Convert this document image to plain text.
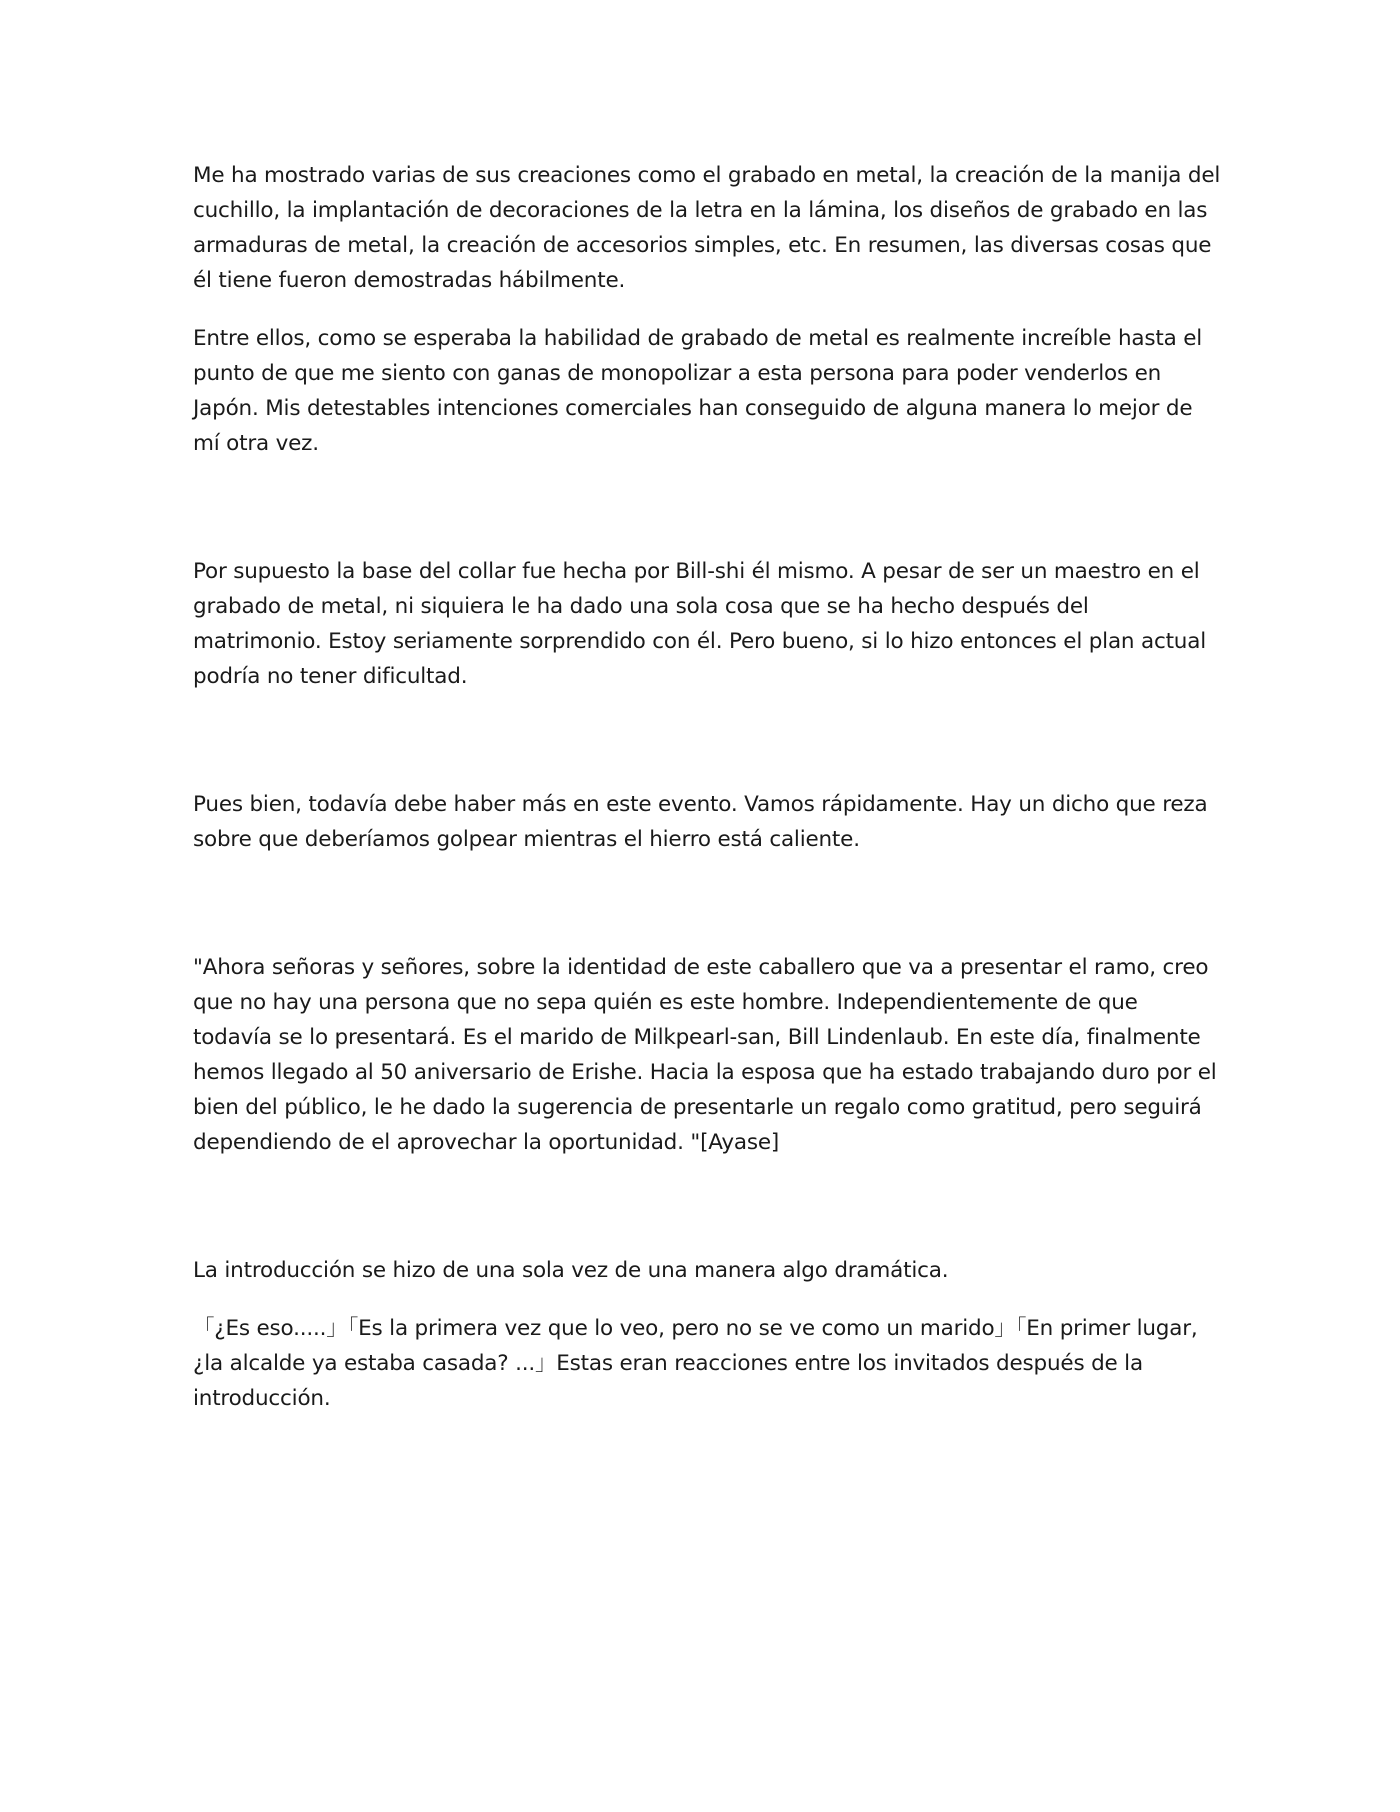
Me ha mostrado varias de sus creaciones como el grabado en metal, la creación de la manija del cuchillo, la implantación de decoraciones de la letra en la lámina, los diseños de grabado en las armaduras de metal, la creación de accesorios simples, etc. En resumen, las diversas cosas que él tiene fueron demostradas hábilmente.

Entre ellos, como se esperaba la habilidad de grabado de metal es realmente increíble hasta el punto de que me siento con ganas de monopolizar a esta persona para poder venderlos en Japón. Mis detestables intenciones comerciales han conseguido de alguna manera lo mejor de mí otra vez.

Por supuesto la base del collar fue hecha por Bill-shi él mismo. A pesar de ser un maestro en el grabado de metal, ni siquiera le ha dado una sola cosa que se ha hecho después del matrimonio. Estoy seriamente sorprendido con él. Pero bueno, si lo hizo entonces el plan actual podría no tener dificultad.

Pues bien, todavía debe haber más en este evento. Vamos rápidamente. Hay un dicho que reza sobre que deberíamos golpear mientras el hierro está caliente.

"Ahora señoras y señores, sobre la identidad de este caballero que va a presentar el ramo, creo que no hay una persona que no sepa quién es este hombre. Independientemente de que todavía se lo presentará. Es el marido de Milkpearl-san, Bill Lindenlaub. En este día, finalmente hemos llegado al 50 aniversario de Erishe. Hacia la esposa que ha estado trabajando duro por el bien del público, le he dado la sugerencia de presentarle un regalo como gratitud, pero seguirá dependiendo de el aprovechar la oportunidad. "[Ayase]

La introducción se hizo de una sola vez de una manera algo dramática.

「¿Es eso.....」「Es la primera vez que lo veo, pero no se ve como un marido」「En primer lugar, ¿la alcalde ya estaba casada? ...」Estas eran reacciones entre los invitados después de la introducción.
